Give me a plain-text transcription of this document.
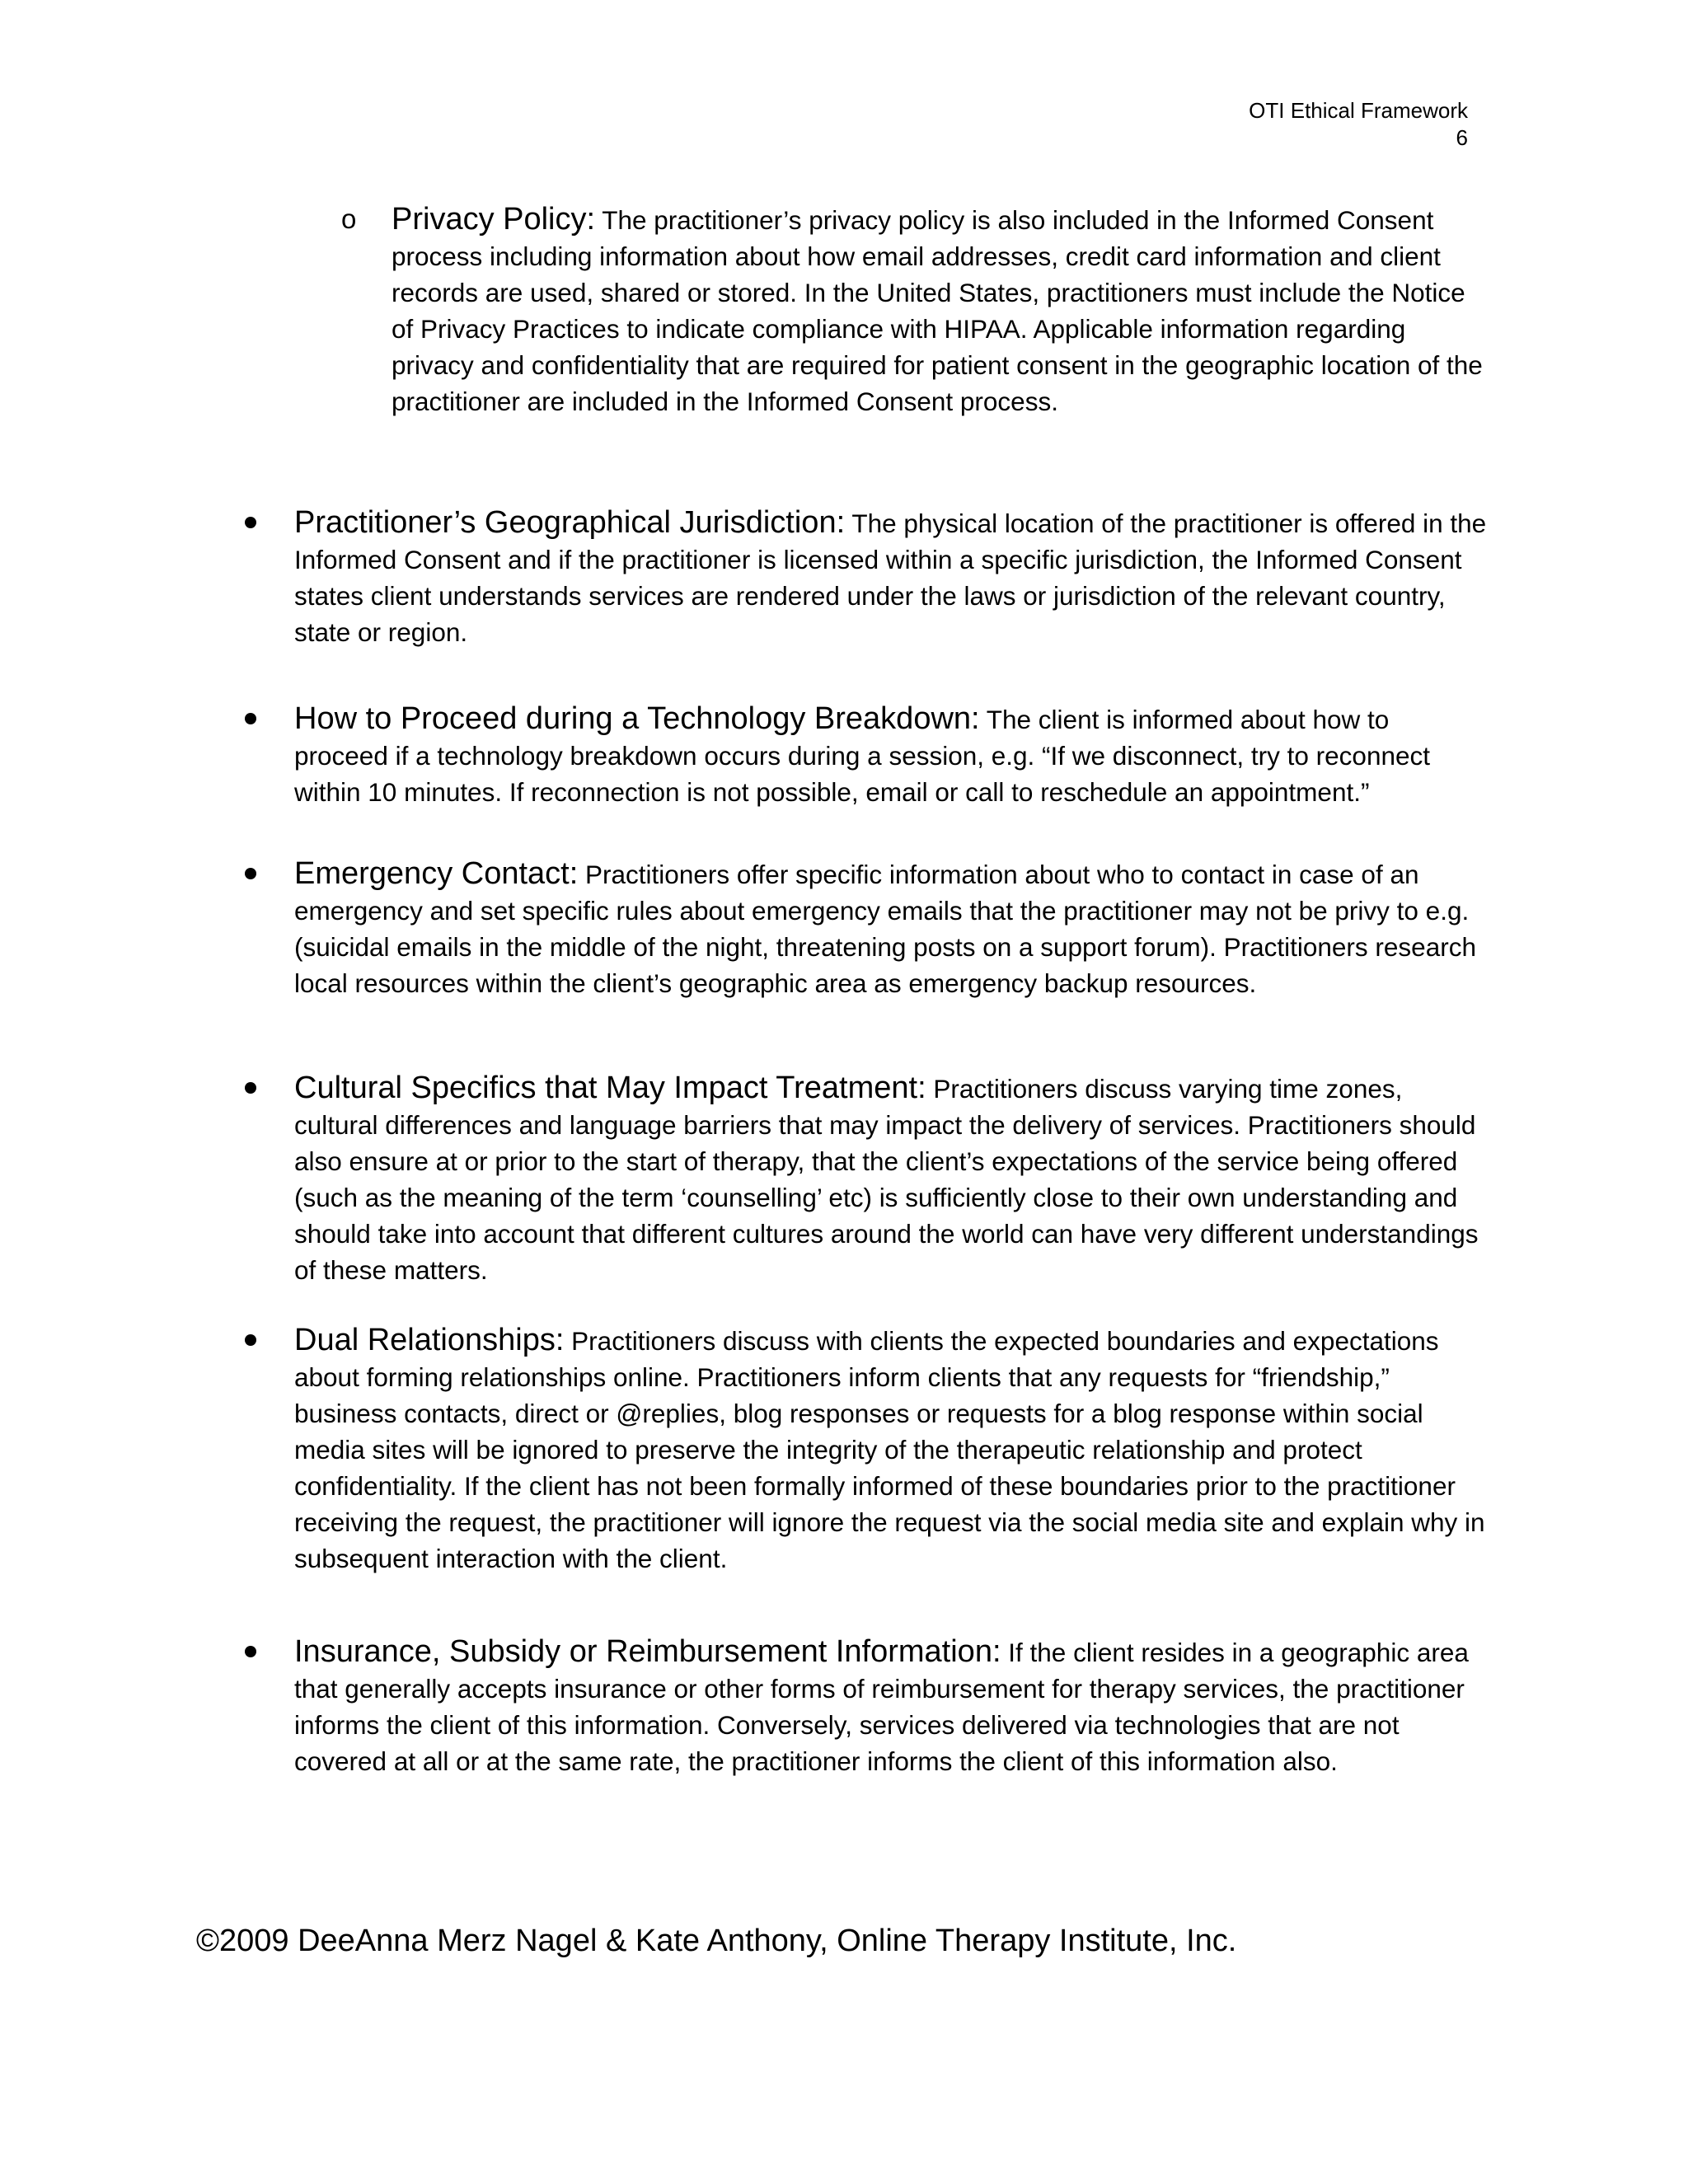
OTI Ethical Framework
6
o Privacy Policy: The practitioner’s privacy policy is also included in the Informed Consent process including information about how email addresses, credit card information and client records are used, shared or stored. In the United States, practitioners must include the Notice of Privacy Practices to indicate compliance with HIPAA. Applicable information regarding privacy and confidentiality that are required for patient consent in the geographic location of the practitioner are included in the Informed Consent process.

Practitioner’s Geographical Jurisdiction: The physical location of the practitioner is offered in the Informed Consent and if the practitioner is licensed within a specific jurisdiction, the Informed Consent states client understands services are rendered under the laws or jurisdiction of the relevant country, state or region.

How to Proceed during a Technology Breakdown: The client is informed about how to proceed if a technology breakdown occurs during a session, e.g. “If we disconnect, try to reconnect within 10 minutes. If reconnection is not possible, email or call to reschedule an appointment.”

Emergency Contact: Practitioners offer specific information about who to contact in case of an emergency and set specific rules about emergency emails that the practitioner may not be privy to e.g. (suicidal emails in the middle of the night, threatening posts on a support forum). Practitioners research local resources within the client’s geographic area as emergency backup resources.

Cultural Specifics that May Impact Treatment: Practitioners discuss varying time zones, cultural differences and language barriers that may impact the delivery of services. Practitioners should also ensure at or prior to the start of therapy, that the client’s expectations of the service being offered (such as the meaning of the term ‘counselling’ etc) is sufficiently close to their own understanding and should take into account that different cultures around the world can have very different understandings of these matters.

Dual Relationships: Practitioners discuss with clients the expected boundaries and expectations about forming relationships online. Practitioners inform clients that any requests for “friendship,” business contacts, direct or @replies, blog responses or requests for a blog response within social media sites will be ignored to preserve the integrity of the therapeutic relationship and protect confidentiality. If the client has not been formally informed of these boundaries prior to the practitioner receiving the request, the practitioner will ignore the request via the social media site and explain why in subsequent interaction with the client.

Insurance, Subsidy or Reimbursement Information: If the client resides in a geographic area that generally accepts insurance or other forms of reimbursement for therapy services, the practitioner informs the client of this information. Conversely, services delivered via technologies that are not covered at all or at the same rate, the practitioner informs the client of this information also.

©2009 DeeAnna Merz Nagel & Kate Anthony, Online Therapy Institute, Inc.
